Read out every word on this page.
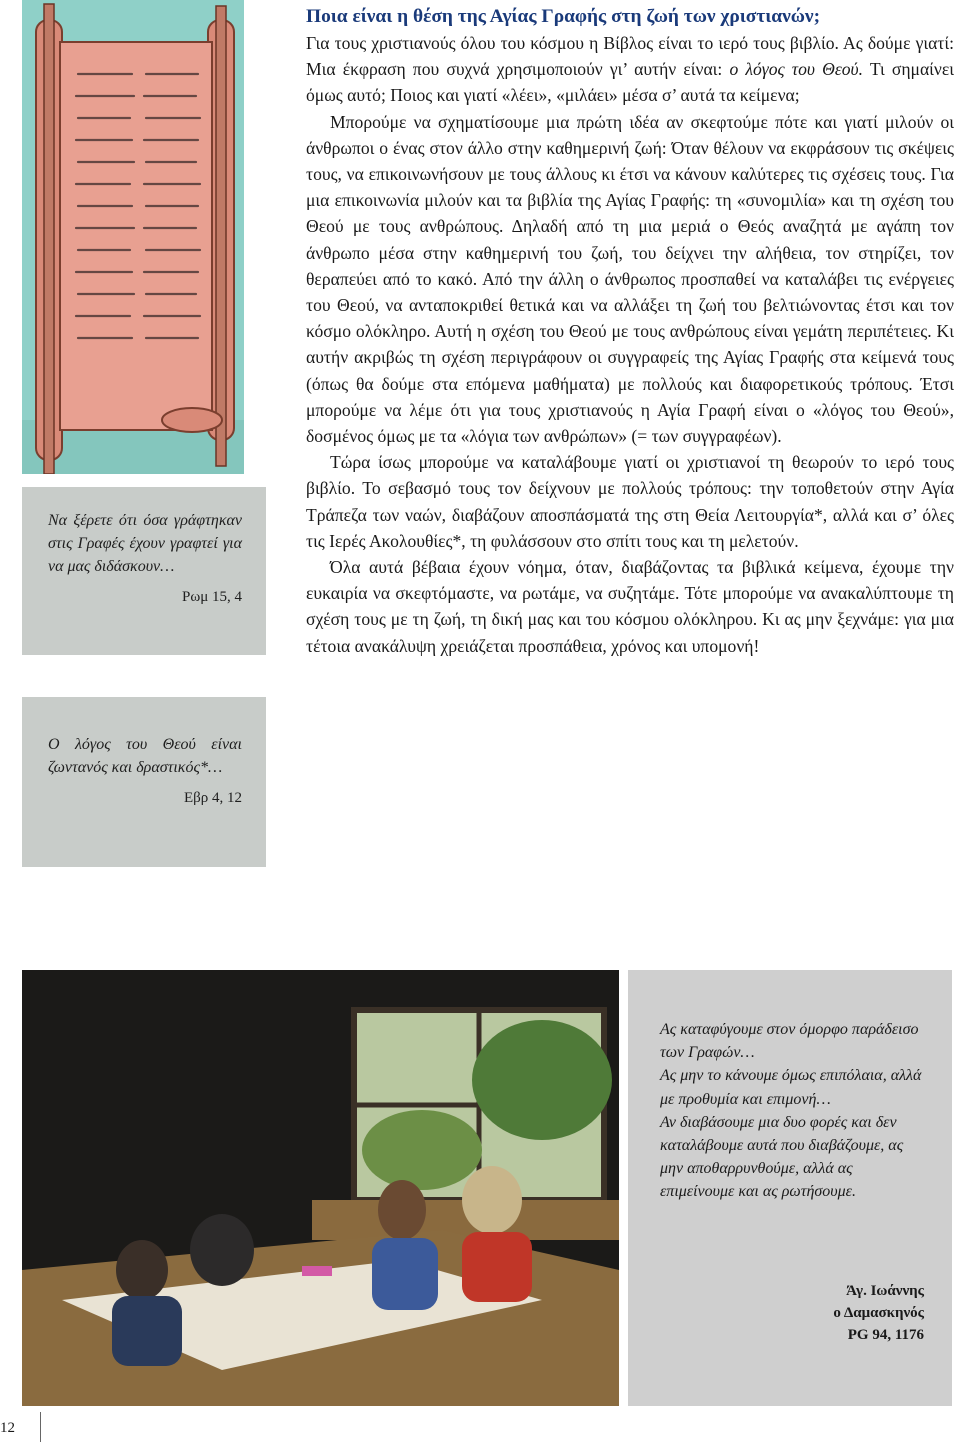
Να ξέρετε ότι όσα γράφτηκαν στις Γραφές έχουν γραφτεί για να μας διδάσκουν…
Ρωμ 15, 4
Ο λόγος του Θεού είναι ζωντανός και δραστικός*…
Εβρ 4, 12
Ποια είναι η θέση της Αγίας Γραφής στη ζωή των χριστιανών;

Για τους χριστιανούς όλου του κόσμου η Βίβλος είναι το ιερό τους βιβλίο. Ας δούμε γιατί: Μια έκφραση που συχνά χρησιμοποιούν γι’ αυτήν είναι: ο λόγος του Θεού. Τι σημαίνει όμως αυτό; Ποιος και γιατί «λέει», «μιλάει» μέσα σ’ αυτά τα κείμενα;

Μπορούμε να σχηματίσουμε μια πρώτη ιδέα αν σκεφτούμε πότε και γιατί μιλούν οι άνθρωποι ο ένας στον άλλο στην καθημερινή ζωή: Όταν θέλουν να εκφράσουν τις σκέψεις τους, να επικοινωνήσουν με τους άλλους κι έτσι να κάνουν καλύτερες τις σχέσεις τους. Για μια επικοινωνία μιλούν και τα βιβλία της Αγίας Γραφής: τη «συνομιλία» και τη σχέση του Θεού με τους ανθρώπους. Δηλαδή από τη μια μεριά ο Θεός αναζητά με αγάπη τον άνθρωπο μέσα στην καθημερινή του ζωή, του δείχνει την αλήθεια, τον στηρίζει, τον θεραπεύει από το κακό. Από την άλλη ο άνθρωπος προσπαθεί να καταλάβει τις ενέργειες του Θεού, να ανταποκριθεί θετικά και να αλλάξει τη ζωή του βελτιώνοντας έτσι και τον κόσμο ολόκληρο. Αυτή η σχέση του Θεού με τους ανθρώπους είναι γεμάτη περιπέτειες. Κι αυτήν ακριβώς τη σχέση περιγράφουν οι συγγραφείς της Αγίας Γραφής στα κείμενά τους (όπως θα δούμε στα επόμενα μαθήματα) με πολλούς και διαφορετικούς τρόπους. Έτσι μπορούμε να λέμε ότι για τους χριστιανούς η Αγία Γραφή είναι ο «λόγος του Θεού», δοσμένος όμως με τα «λόγια των ανθρώπων» (= των συγγραφέων).

Τώρα ίσως μπορούμε να καταλάβουμε γιατί οι χριστιανοί τη θεωρούν το ιερό τους βιβλίο. Το σεβασμό τους τον δείχνουν με πολλούς τρόπους: την τοποθετούν στην Αγία Τράπεζα των ναών, διαβάζουν αποσπάσματά της στη Θεία Λειτουργία*, αλλά και σ’ όλες τις Ιερές Ακολουθίες*, τη φυλάσσουν στο σπίτι τους και τη μελετούν.

Όλα αυτά βέβαια έχουν νόημα, όταν, διαβάζοντας τα βιβλικά κείμενα, έχουμε την ευκαιρία να σκεφτόμαστε, να ρωτάμε, να συζητάμε. Τότε μπορούμε να ανακαλύπτουμε τη σχέση τους με τη ζωή, τη δική μας και του κόσμου ολόκληρου. Κι ας μην ξεχνάμε: για μια τέτοια ανακάλυψη χρειάζεται προσπάθεια, χρόνος και υπομονή!

Ας καταφύγουμε στον όμορφο παράδεισο των Γραφών…
Ας μην το κάνουμε όμως επιπόλαια, αλλά με προθυμία και επιμονή…
Αν διαβάσουμε μια δυο φορές και δεν καταλάβουμε αυτά που διαβάζουμε, ας μην αποθαρρυνθούμε, αλλά ας επιμείνουμε και ας ρωτήσουμε.
Άγ. Ιωάννης
ο Δαμασκηνός
PG 94, 1176
12
